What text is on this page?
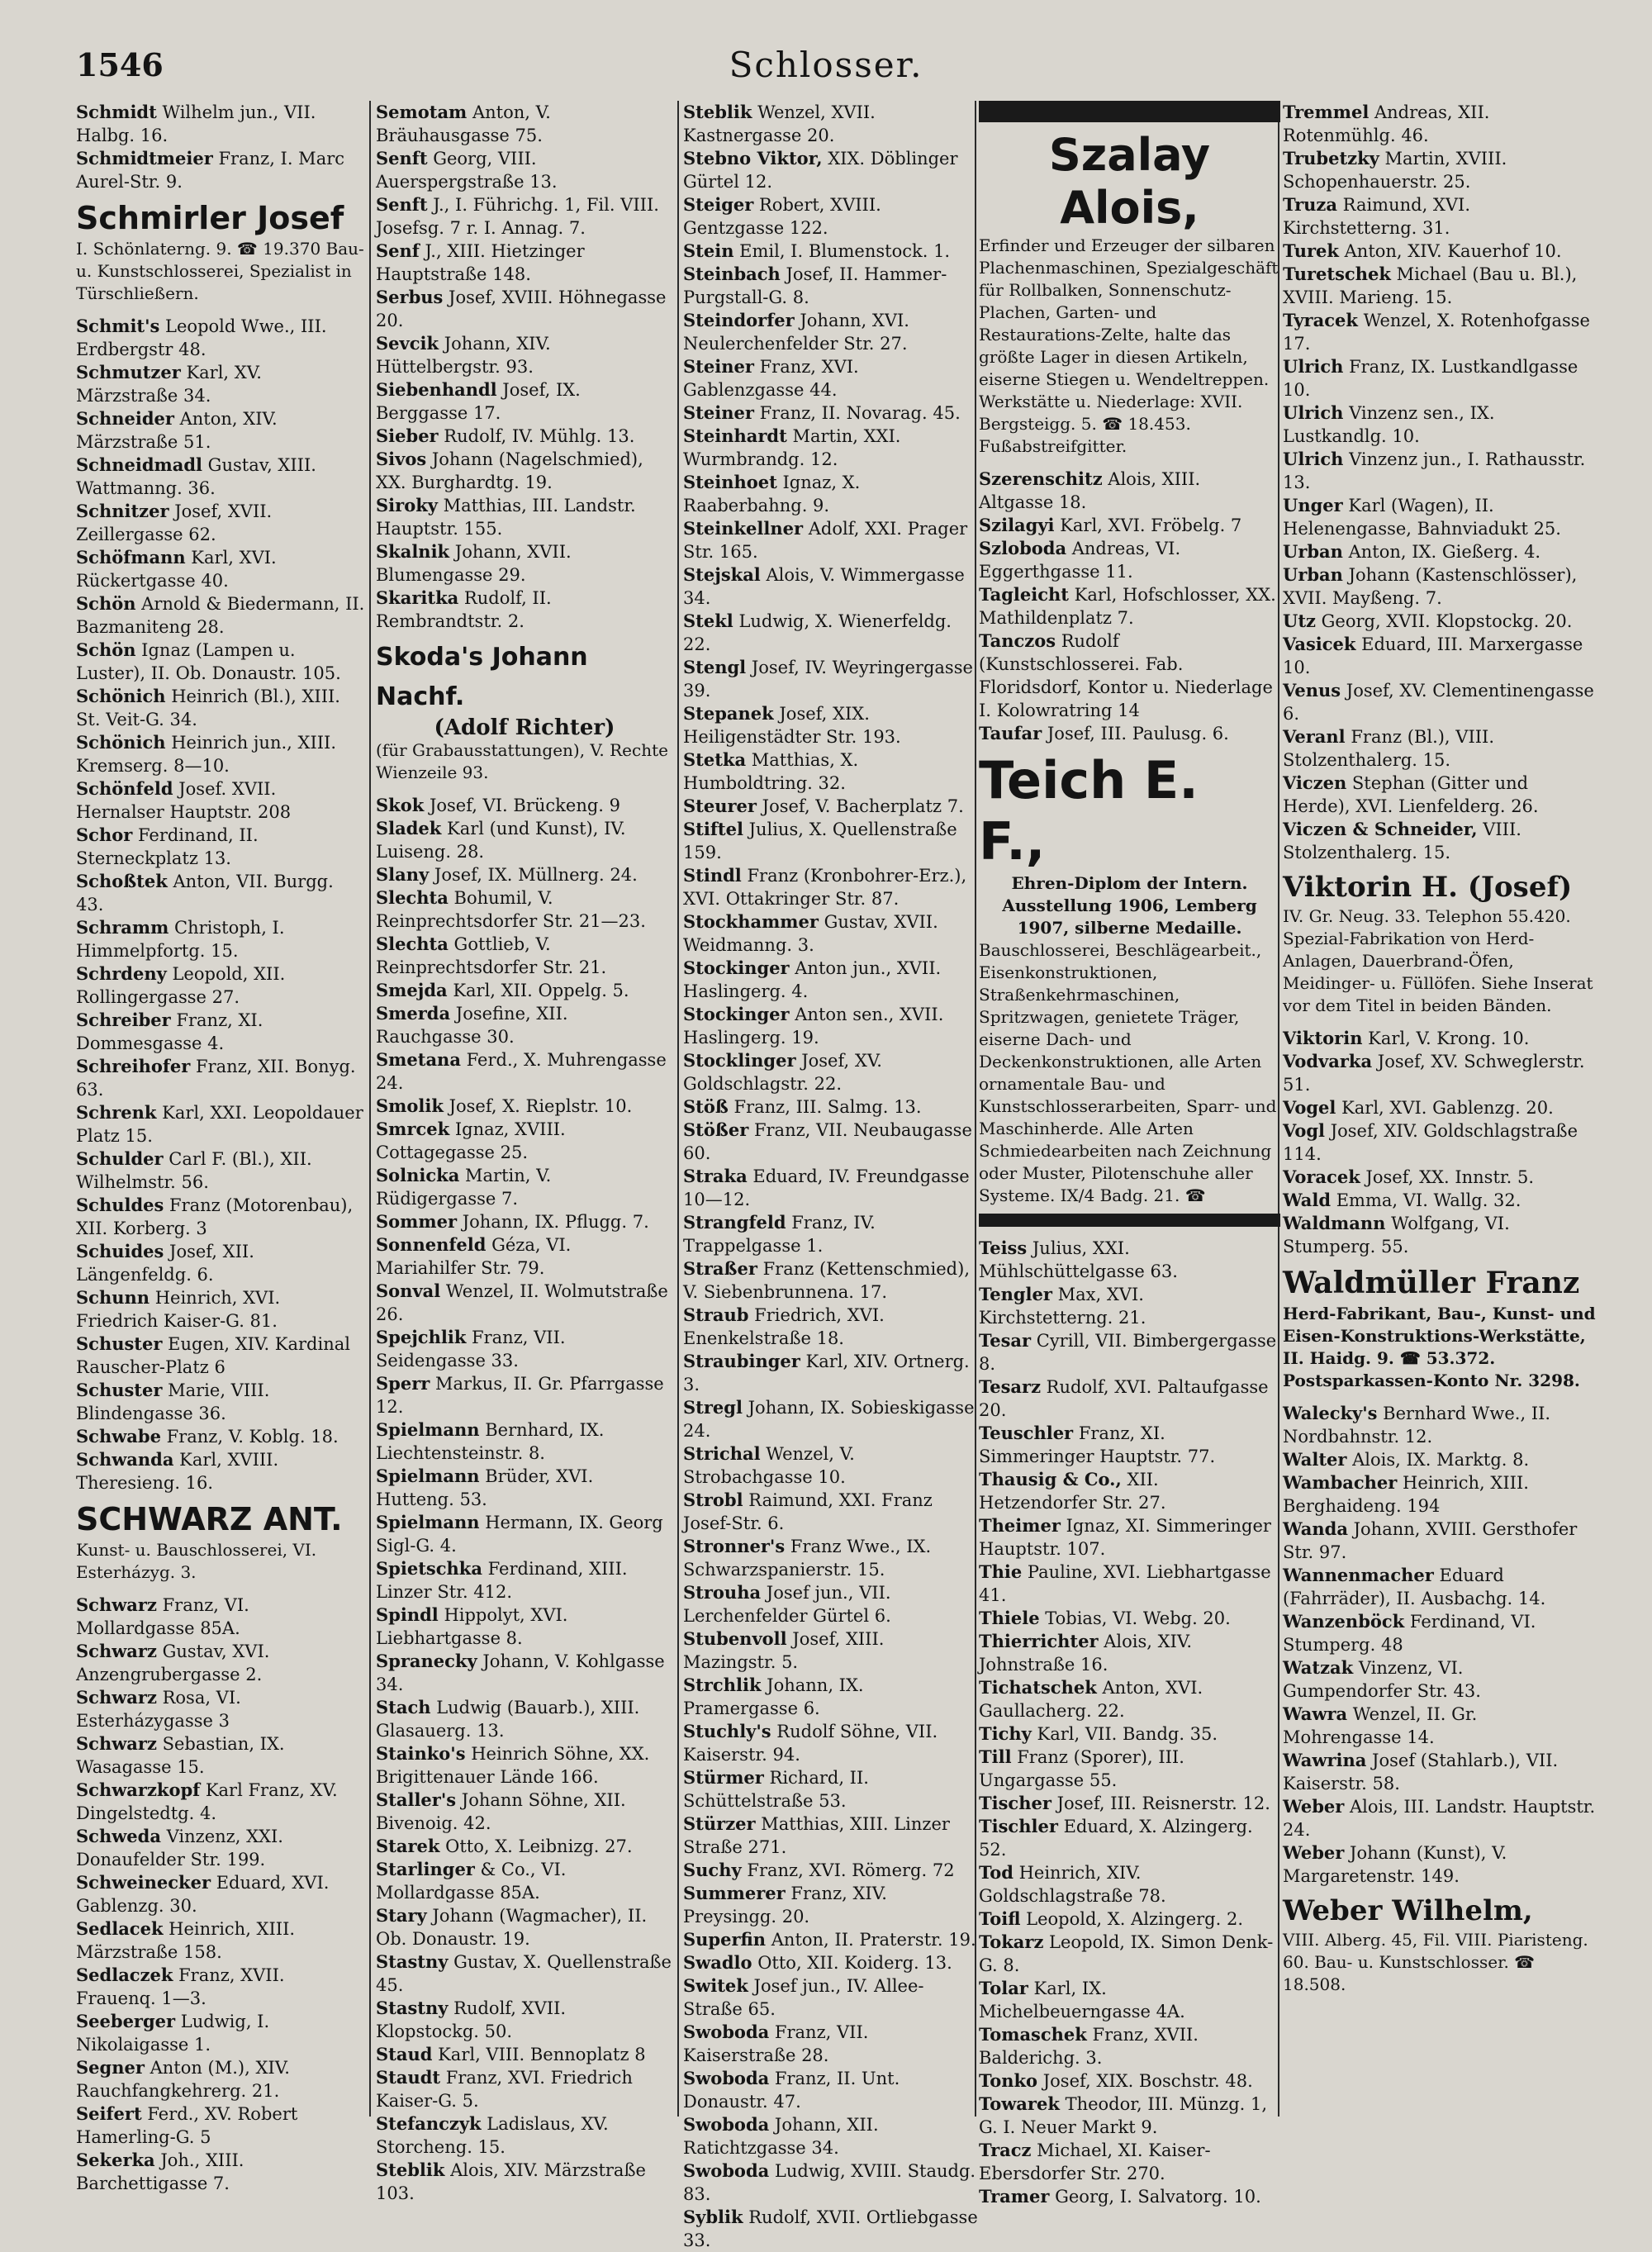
1546	Schlosser.

Schmidt Wilhelm jun., VII. Halbg. 16.

Schmidtmeier Franz, I. Marc Aurel-Str. 9.

Schmirler Josef
I. Schönlaterng. 9. ☎ 19.370 Bau- u. Kunstschlosserei, Spezialist in Türschließern.

Schmit's Leopold Wwe., III. Erdbergstr 48.

Schmutzer Karl, XV. Märzstraße 34.

Schneider Anton, XIV. Märzstraße 51.

Schneidmadl Gustav, XIII. Wattmanng. 36.

Schnitzer Josef, XVII. Zeillergasse 62.

Schöfmann Karl, XVI. Rückertgasse 40.

Schön Arnold & Biedermann, II. Bazmaniteng 28.

Schön Ignaz (Lampen u. Luster), II. Ob. Donaustr. 105.

Schönich Heinrich (Bl.), XIII. St. Veit-G. 34.

Schönich Heinrich jun., XIII. Kremserg. 8—10.

Schönfeld Josef. XVII. Hernalser Hauptstr. 208

Schor Ferdinand, II. Sterneckplatz 13.

Schoßtek Anton, VII. Burgg. 43.

Schramm Christoph, I. Himmelpfortg. 15.

Schrdeny Leopold, XII. Rollingergasse 27.

Schreiber Franz, XI. Dommesgasse 4.

Schreihofer Franz, XII. Bonyg. 63.

Schrenk Karl, XXI. Leopoldauer Platz 15.

Schulder Carl F. (Bl.), XII. Wilhelmstr. 56.

Schuldes Franz (Motorenbau), XII. Korberg. 3

Schuides Josef, XII. Längenfeldg. 6.

Schunn Heinrich, XVI. Friedrich Kaiser-G. 81.

Schuster Eugen, XIV. Kardinal Rauscher-Platz 6

Schuster Marie, VIII. Blindengasse 36.

Schwabe Franz, V. Koblg. 18.

Schwanda Karl, XVIII. Theresieng. 16.

SCHWARZ ANT.
Kunst- u. Bauschlosserei, VI. Esterházyg. 3.

Schwarz Franz, VI. Mollardgasse 85A.

Schwarz Gustav, XVI. Anzengrubergasse 2.

Schwarz Rosa, VI. Esterházygasse 3

Schwarz Sebastian, IX. Wasagasse 15.

Schwarzkopf Karl Franz, XV. Dingelstedtg. 4.

Schweda Vinzenz, XXI. Donaufelder Str. 199.

Schweinecker Eduard, XVI. Gablenzg. 30.

Sedlacek Heinrich, XIII. Märzstraße 158.

Sedlaczek Franz, XVII. Frauenq. 1—3.

Seeberger Ludwig, I. Nikolaigasse 1.

Segner Anton (M.), XIV. Rauchfangkehrerg. 21.

Seifert Ferd., XV. Robert Hamerling-G. 5

Sekerka Joh., XIII. Barchettigasse 7.

Semotam Anton, V. Bräuhausgasse 75.

Senft Georg, VIII. Auerspergstraße 13.

Senft J., I. Führichg. 1, Fil. VIII. Josefsg. 7 r. I. Annag. 7.

Senf J., XIII. Hietzinger Hauptstraße 148.

Serbus Josef, XVIII. Höhnegasse 20.

Sevcik Johann, XIV. Hüttelbergstr. 93.

Siebenhandl Josef, IX. Berggasse 17.

Sieber Rudolf, IV. Mühlg. 13.

Sivos Johann (Nagelschmied), XX. Burghardtg. 19.

Siroky Matthias, III. Landstr. Hauptstr. 155.

Skalnik Johann, XVII. Blumengasse 29.

Skaritka Rudolf, II. Rembrandtstr. 2.

Skoda's Johann Nachf.
(Adolf Richter)
(für Grabausstattungen), V. Rechte Wienzeile 93.

Skok Josef, VI. Brückeng. 9

Sladek Karl (und Kunst), IV. Luiseng. 28.

Slany Josef, IX. Müllnerg. 24.

Slechta Bohumil, V. Reinprechtsdorfer Str. 21—23.

Slechta Gottlieb, V. Reinprechtsdorfer Str. 21.

Smejda Karl, XII. Oppelg. 5.

Smerda Josefine, XII. Rauchgasse 30.

Smetana Ferd., X. Muhrengasse 24.

Smolik Josef, X. Rieplstr. 10.

Smrcek Ignaz, XVIII. Cottagegasse 25.

Solnicka Martin, V. Rüdigergasse 7.

Sommer Johann, IX. Pflugg. 7.

Sonnenfeld Géza, VI. Mariahilfer Str. 79.

Sonval Wenzel, II. Wolmutstraße 26.

Spejchlik Franz, VII. Seidengasse 33.

Sperr Markus, II. Gr. Pfarrgasse 12.

Spielmann Bernhard, IX. Liechtensteinstr. 8.

Spielmann Brüder, XVI. Hutteng. 53.

Spielmann Hermann, IX. Georg Sigl-G. 4.

Spietschka Ferdinand, XIII. Linzer Str. 412.

Spindl Hippolyt, XVI. Liebhartgasse 8.

Spranecky Johann, V. Kohlgasse 34.

Stach Ludwig (Bauarb.), XIII. Glasauerg. 13.

Stainko's Heinrich Söhne, XX. Brigittenauer Lände 166.

Staller's Johann Söhne, XII. Bivenoig. 42.

Starek Otto, X. Leibnizg. 27.

Starlinger & Co., VI. Mollardgasse 85A.

Stary Johann (Wagmacher), II. Ob. Donaustr. 19.

Stastny Gustav, X. Quellenstraße 45.

Stastny Rudolf, XVII. Klopstockg. 50.

Staud Karl, VIII. Bennoplatz 8

Staudt Franz, XVI. Friedrich Kaiser-G. 5.

Stefanczyk Ladislaus, XV. Storcheng. 15.

Steblik Alois, XIV. Märzstraße 103.

Steblik Wenzel, XVII. Kastnergasse 20.

Stebno Viktor, XIX. Döblinger Gürtel 12.

Steiger Robert, XVIII. Gentzgasse 122.

Stein Emil, I. Blumenstock. 1.

Steinbach Josef, II. Hammer-Purgstall-G. 8.

Steindorfer Johann, XVI. Neulerchenfelder Str. 27.

Steiner Franz, XVI. Gablenzgasse 44.

Steiner Franz, II. Novarag. 45.

Steinhardt Martin, XXI. Wurmbrandg. 12.

Steinhoet Ignaz, X. Raaberbahng. 9.

Steinkellner Adolf, XXI. Prager Str. 165.

Stejskal Alois, V. Wimmergasse 34.

Stekl Ludwig, X. Wienerfeldg. 22.

Stengl Josef, IV. Weyringergasse 39.

Stepanek Josef, XIX. Heiligenstädter Str. 193.

Stetka Matthias, X. Humboldtring. 32.

Steurer Josef, V. Bacherplatz 7.

Stiftel Julius, X. Quellenstraße 159.

Stindl Franz (Kronbohrer-Erz.), XVI. Ottakringer Str. 87.

Stockhammer Gustav, XVII. Weidmanng. 3.

Stockinger Anton jun., XVII. Haslingerg. 4.

Stockinger Anton sen., XVII. Haslingerg. 19.

Stocklinger Josef, XV. Goldschlagstr. 22.

Stöß Franz, III. Salmg. 13.

Stößer Franz, VII. Neubaugasse 60.

Straka Eduard, IV. Freundgasse 10—12.

Strangfeld Franz, IV. Trappelgasse 1.

Straßer Franz (Kettenschmied), V. Siebenbrunnena. 17.

Straub Friedrich, XVI. Enenkelstraße 18.

Straubinger Karl, XIV. Ortnerg. 3.

Stregl Johann, IX. Sobieskigasse 24.

Strichal Wenzel, V. Strobachgasse 10.

Strobl Raimund, XXI. Franz Josef-Str. 6.

Stronner's Franz Wwe., IX. Schwarzspanierstr. 15.

Strouha Josef jun., VII. Lerchenfelder Gürtel 6.

Stubenvoll Josef, XIII. Mazingstr. 5.

Strchlik Johann, IX. Pramergasse 6.

Stuchly's Rudolf Söhne, VII. Kaiserstr. 94.

Stürmer Richard, II. Schüttelstraße 53.

Stürzer Matthias, XIII. Linzer Straße 271.

Suchy Franz, XVI. Römerg. 72

Summerer Franz, XIV. Preysingg. 20.

Superfin Anton, II. Praterstr. 19.

Swadlo Otto, XII. Koiderg. 13.

Switek Josef jun., IV. Allee-Straße 65.

Swoboda Franz, VII. Kaiserstraße 28.

Swoboda Franz, II. Unt. Donaustr. 47.

Swoboda Johann, XII. Ratichtzgasse 34.

Swoboda Ludwig, XVIII. Staudg. 83.

Syblik Rudolf, XVII. Ortliebgasse 33.

Szalay Alois,
Erfinder und Erzeuger der silbaren Plachenmaschinen, Spezialgeschäft für Rollbalken, Sonnenschutz-Plachen, Garten- und Restaurations-Zelte, halte das größte Lager in diesen Artikeln, eiserne Stiegen u. Wendeltreppen. Werkstätte u. Niederlage: XVII. Bergsteigg. 5. ☎ 18.453. Fußabstreifgitter.

Szerenschitz Alois, XIII. Altgasse 18.

Szilagyi Karl, XVI. Fröbelg. 7

Szloboda Andreas, VI. Eggerthgasse 11.

Tagleicht Karl, Hofschlosser, XX. Mathildenplatz 7.

Tanczos Rudolf (Kunstschlosserei. Fab. Floridsdorf, Kontor u. Niederlage I. Kolowratring 14

Taufar Josef, III. Paulusg. 6.

Teich E. F.,
Ehren-Diplom der Intern. Ausstellung 1906, Lemberg 1907, silberne Medaille.
Bauschlosserei, Beschlägearbeit., Eisenkonstruktionen, Straßenkehrmaschinen, Spritzwagen, genietete Träger, eiserne Dach- und Deckenkonstruktionen, alle Arten ornamentale Bau- und Kunstschlosserarbeiten, Sparr- und Maschinherde. Alle Arten Schmiedearbeiten nach Zeichnung oder Muster, Pilotenschuhe aller Systeme. IX/4 Badg. 21. ☎

Teiss Julius, XXI. Mühlschüttelgasse 63.

Tengler Max, XVI. Kirchstetterng. 21.

Tesar Cyrill, VII. Bimbergergasse 8.

Tesarz Rudolf, XVI. Paltaufgasse 20.

Teuschler Franz, XI. Simmeringer Hauptstr. 77.

Thausig & Co., XII. Hetzendorfer Str. 27.

Theimer Ignaz, XI. Simmeringer Hauptstr. 107.

Thie Pauline, XVI. Liebhartgasse 41.

Thiele Tobias, VI. Webg. 20.

Thierrichter Alois, XIV. Johnstraße 16.

Tichatschek Anton, XVI. Gaullacherg. 22.

Tichy Karl, VII. Bandg. 35.

Till Franz (Sporer), III. Ungargasse 55.

Tischer Josef, III. Reisnerstr. 12.

Tischler Eduard, X. Alzingerg. 52.

Tod Heinrich, XIV. Goldschlagstraße 78.

Toifl Leopold, X. Alzingerg. 2.

Tokarz Leopold, IX. Simon Denk-G. 8.

Tolar Karl, IX. Michelbeuerngasse 4A.

Tomaschek Franz, XVII. Balderichg. 3.

Tonko Josef, XIX. Boschstr. 48.

Towarek Theodor, III. Münzg. 1, G. I. Neuer Markt 9.

Tracz Michael, XI. Kaiser-Ebersdorfer Str. 270.

Tramer Georg, I. Salvatorg. 10.

Tremmel Andreas, XII. Rotenmühlg. 46.

Trubetzky Martin, XVIII. Schopenhauerstr. 25.

Truza Raimund, XVI. Kirchstetterng. 31.

Turek Anton, XIV. Kauerhof 10.

Turetschek Michael (Bau u. Bl.), XVIII. Marieng. 15.

Tyracek Wenzel, X. Rotenhofgasse 17.

Ulrich Franz, IX. Lustkandlgasse 10.

Ulrich Vinzenz sen., IX. Lustkandlg. 10.

Ulrich Vinzenz jun., I. Rathausstr. 13.

Unger Karl (Wagen), II. Helenengasse, Bahnviadukt 25.

Urban Anton, IX. Gießerg. 4.

Urban Johann (Kastenschlösser), XVII. Mayßeng. 7.

Utz Georg, XVII. Klopstockg. 20.

Vasicek Eduard, III. Marxergasse 10.

Venus Josef, XV. Clementinengasse 6.

Veranl Franz (Bl.), VIII. Stolzenthalerg. 15.

Viczen Stephan (Gitter und Herde), XVI. Lienfelderg. 26.

Viczen & Schneider, VIII. Stolzenthalerg. 15.

Viktorin H. (Josef)
IV. Gr. Neug. 33. Telephon 55.420. Spezial-Fabrikation von Herd-Anlagen, Dauerbrand-Öfen, Meidinger- u. Füllöfen. Siehe Inserat vor dem Titel in beiden Bänden.

Viktorin Karl, V. Krong. 10.

Vodvarka Josef, XV. Schweglerstr. 51.

Vogel Karl, XVI. Gablenzg. 20.

Vogl Josef, XIV. Goldschlagstraße 114.

Voracek Josef, XX. Innstr. 5.

Wald Emma, VI. Wallg. 32.

Waldmann Wolfgang, VI. Stumperg. 55.

Waldmüller Franz
Herd-Fabrikant, Bau-, Kunst- und Eisen-Konstruktions-Werkstätte, II. Haidg. 9. ☎ 53.372. Postsparkassen-Konto Nr. 3298.

Walecky's Bernhard Wwe., II. Nordbahnstr. 12.

Walter Alois, IX. Marktg. 8.

Wambacher Heinrich, XIII. Berghaideng. 194

Wanda Johann, XVIII. Gersthofer Str. 97.

Wannenmacher Eduard (Fahrräder), II. Ausbachg. 14.

Wanzenböck Ferdinand, VI. Stumperg. 48

Watzak Vinzenz, VI. Gumpendorfer Str. 43.

Wawra Wenzel, II. Gr. Mohrengasse 14.

Wawrina Josef (Stahlarb.), VII. Kaiserstr. 58.

Weber Alois, III. Landstr. Hauptstr. 24.

Weber Johann (Kunst), V. Margaretenstr. 149.

Weber Wilhelm,
VIII. Alberg. 45, Fil. VIII. Piaristeng. 60. Bau- u. Kunstschlosser. ☎ 18.508.
